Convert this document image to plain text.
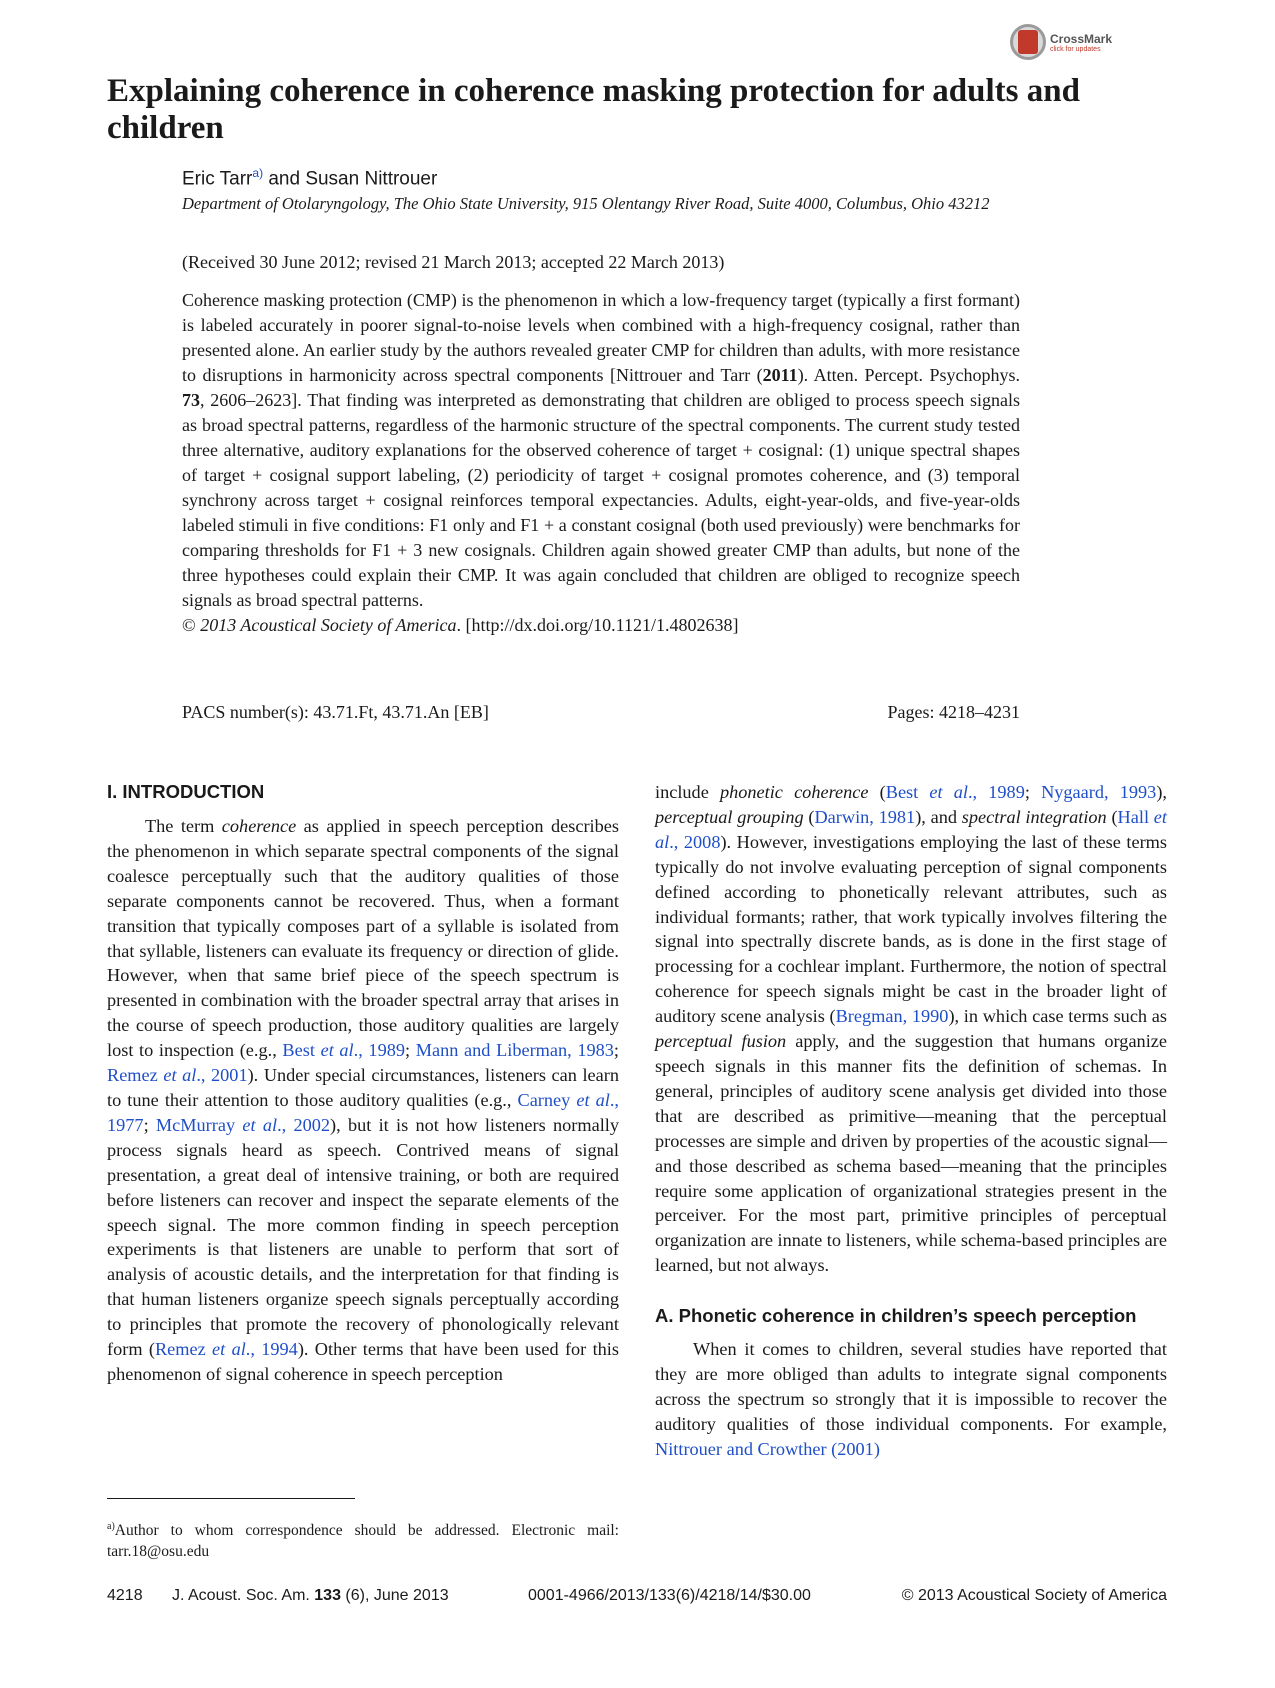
CrossMark
click for updates
Explaining coherence in coherence masking protection for adults and children
Eric Tarr$^{a)}$ and Susan Nittrouer
Department of Otolaryngology, The Ohio State University, 915 Olentangy River Road, Suite 4000, Columbus, Ohio 43212
(Received 30 June 2012; revised 21 March 2013; accepted 22 March 2013)
Coherence masking protection (CMP) is the phenomenon in which a low-frequency target (typically a first formant) is labeled accurately in poorer signal-to-noise levels when combined with a high-frequency cosignal, rather than presented alone. An earlier study by the authors revealed greater CMP for children than adults, with more resistance to disruptions in harmonicity across spectral components [Nittrouer and Tarr (2011). Atten. Percept. Psychophys. 73, 2606–2623]. That finding was interpreted as demonstrating that children are obliged to process speech signals as broad spectral patterns, regardless of the harmonic structure of the spectral components. The current study tested three alternative, auditory explanations for the observed coherence of target + cosignal: (1) unique spectral shapes of target + cosignal support labeling, (2) periodicity of target + cosignal promotes coherence, and (3) temporal synchrony across target + cosignal reinforces temporal expectancies. Adults, eight-year-olds, and five-year-olds labeled stimuli in five conditions: F1 only and F1 + a constant cosignal (both used previously) were benchmarks for comparing thresholds for F1 + 3 new cosignals. Children again showed greater CMP than adults, but none of the three hypotheses could explain their CMP. It was again concluded that children are obliged to recognize speech signals as broad spectral patterns.
© 2013 Acoustical Society of America. [http://dx.doi.org/10.1121/1.4802638]
PACS number(s): 43.71.Ft, 43.71.An [EB]	Pages: 4218–4231
I. INTRODUCTION

The term coherence as applied in speech perception describes the phenomenon in which separate spectral components of the signal coalesce perceptually such that the auditory qualities of those separate components cannot be recovered. Thus, when a formant transition that typically composes part of a syllable is isolated from that syllable, listeners can evaluate its frequency or direction of glide. However, when that same brief piece of the speech spectrum is presented in combination with the broader spectral array that arises in the course of speech production, those auditory qualities are largely lost to inspection (e.g., Best et al., 1989; Mann and Liberman, 1983; Remez et al., 2001). Under special circumstances, listeners can learn to tune their attention to those auditory qualities (e.g., Carney et al., 1977; McMurray et al., 2002), but it is not how listeners normally process signals heard as speech. Contrived means of signal presentation, a great deal of intensive training, or both are required before listeners can recover and inspect the separate elements of the speech signal. The more common finding in speech perception experiments is that listeners are unable to perform that sort of analysis of acoustic details, and the interpretation for that finding is that human listeners organize speech signals perceptually according to principles that promote the recovery of phonologically relevant form (Remez et al., 1994). Other terms that have been used for this phenomenon of signal coherence in speech perception

include phonetic coherence (Best et al., 1989; Nygaard, 1993), perceptual grouping (Darwin, 1981), and spectral integration (Hall et al., 2008). However, investigations employing the last of these terms typically do not involve evaluating perception of signal components defined according to phonetically relevant attributes, such as individual formants; rather, that work typically involves filtering the signal into spectrally discrete bands, as is done in the first stage of processing for a cochlear implant. Furthermore, the notion of spectral coherence for speech signals might be cast in the broader light of auditory scene analysis (Bregman, 1990), in which case terms such as perceptual fusion apply, and the suggestion that humans organize speech signals in this manner fits the definition of schemas. In general, principles of auditory scene analysis get divided into those that are described as primitive—meaning that the perceptual processes are simple and driven by properties of the acoustic signal—and those described as schema based—meaning that the principles require some application of organizational strategies present in the perceiver. For the most part, primitive principles of perceptual organization are innate to listeners, while schema-based principles are learned, but not always.

A. Phonetic coherence in children’s speech perception

When it comes to children, several studies have reported that they are more obliged than adults to integrate signal components across the spectrum so strongly that it is impossible to recover the auditory qualities of those individual components. For example, Nittrouer and Crowther (2001)

$^{a)}$Author to whom correspondence should be addressed. Electronic mail: tarr.18@osu.edu
4218 J. Acoust. Soc. Am. 133 (6), June 2013	0001-4966/2013/133(6)/4218/14/$30.00	© 2013 Acoustical Society of America
